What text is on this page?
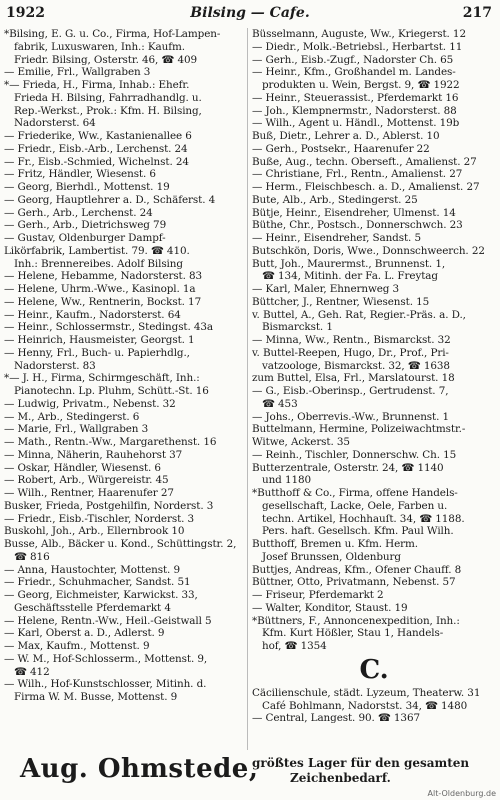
1922	Bilsing — Cafe.	217
*Bilsing, E. G. u. Co., Firma, Hof-Lampen-
fabrik, Luxuswaren, Inh.: Kaufm.
Friedr. Bilsing, Osterstr. 46, ☎ 409
— Emilie, Frl., Wallgraben 3
*— Frieda, H., Firma, Inhab.: Ehefr.
Frieda H. Bilsing, Fahrradhandlg. u.
Rep.-Werkst., Prok.: Kfm. H. Bilsing,
Nadorsterst. 64
— Friederike, Ww., Kastanienallee 6
— Friedr., Eisb.-Arb., Lerchenst. 24
— Fr., Eisb.-Schmied, Wichelnst. 24
— Fritz, Händler, Wiesenst. 6
— Georg, Bierhdl., Mottenst. 19
— Georg, Hauptlehrer a. D., Schäferst. 4
— Gerh., Arb., Lerchenst. 24
— Gerh., Arb., Dietrichsweg 79
— Gustav, Oldenburger Dampf-
Likörfabrik, Lambertist. 79. ☎ 410.
Inh.: Brennereibes. Adolf Bilsing
— Helene, Hebamme, Nadorsterst. 83
— Helene, Uhrm.-Wwe., Kasinopl. 1a
— Helene, Ww., Rentnerin, Bockst. 17
— Heinr., Kaufm., Nadorsterst. 64
— Heinr., Schlossermstr., Stedingst. 43a
— Heinrich, Hausmeister, Georgst. 1
— Henny, Frl., Buch- u. Papierhdlg.,
Nadorsterst. 83
*— J. H., Firma, Schirmgeschäft, Inh.:
Pianotechn. Lp. Pluhm, Schütt.-St. 16
— Ludwig, Privatm., Nebenst. 32
— M., Arb., Stedingerst. 6
— Marie, Frl., Wallgraben 3
— Math., Rentn.-Ww., Margarethenst. 16
— Minna, Näherin, Rauhehorst 37
— Oskar, Händler, Wiesenst. 6
— Robert, Arb., Würgereistr. 45
— Wilh., Rentner, Haarenufer 27
Busker, Frieda, Postgehilfin, Norderst. 3
— Friedr., Eisb.-Tischler, Norderst. 3
Buskohl, Joh., Arb., Ellernbrook 10
Busse, Alb., Bäcker u. Kond., Schüttingstr. 2,
☎ 816
— Anna, Haustochter, Mottenst. 9
— Friedr., Schuhmacher, Sandst. 51
— Georg, Eichmeister, Karwickst. 33,
Geschäftsstelle Pferdemarkt 4
— Helene, Rentn.-Ww., Heil.-Geistwall 5
— Karl, Oberst a. D., Adlerst. 9
— Max, Kaufm., Mottenst. 9
— W. M., Hof-Schlosserm., Mottenst. 9,
☎ 412
— Wilh., Hof-Kunstschlosser, Mitinh. d.
Firma W. M. Busse, Mottenst. 9
Büsselmann, Auguste, Ww., Kriegerst. 12
— Diedr., Molk.-Betriebsl., Herbartst. 11
— Gerh., Eisb.-Zugf., Nadorster Ch. 65
— Heinr., Kfm., Großhandel m. Landes-
produkten u. Wein, Bergst. 9, ☎ 1922
— Heinr., Steuerassist., Pferdemarkt 16
— Joh., Klempnermstr., Nadorsterst. 88
— Wilh., Agent u. Händl., Mottenst. 19b
Buß, Dietr., Lehrer a. D., Ablerst. 10
— Gerh., Postsekr., Haarenufer 22
Buße, Aug., techn. Oberseft., Amalienst. 27
— Christiane, Frl., Rentn., Amalienst. 27
— Herm., Fleischbesch. a. D., Amalienst. 27
Bute, Alb., Arb., Stedingerst. 25
Bütje, Heinr., Eisendreher, Ulmenst. 14
Büthe, Chr., Postsch., Donnerschwch. 23
— Heinr., Eisendreher, Sandst. 5
Butschkön, Doris, Wwe., Donnschweerch. 22
Butt, Joh., Maurermst., Brunnenst. 1,
☎ 134, Mitinh. der Fa. L. Freytag
— Karl, Maler, Ehnernweg 3
Büttcher, J., Rentner, Wiesenst. 15
v. Buttel, A., Geh. Rat, Regier.-Präs. a. D.,
Bismarckst. 1
— Minna, Ww., Rentn., Bismarckst. 32
v. Buttel-Reepen, Hugo, Dr., Prof., Pri-
vatzoologe, Bismarckst. 32, ☎ 1638
zum Buttel, Elsa, Frl., Marslatourst. 18
— G., Eisb.-Oberinsp., Gertrudenst. 7,
☎ 453
— Johs., Oberrevis.-Ww., Brunnenst. 1
Buttelmann, Hermine, Polizeiwachtmstr.-
Witwe, Ackerst. 35
— Reinh., Tischler, Donnerschw. Ch. 15
Butterzentrale, Osterstr. 24, ☎ 1140
und 1180
*Butthoff & Co., Firma, offene Handels-
gesellschaft, Lacke, Oele, Farben u.
techn. Artikel, Hochhauſt. 34, ☎ 1188.
Pers. haft. Gesellsch. Kfm. Paul Wilh.
Butthoff, Bremen u. Kfm. Herm.
Josef Brunssen, Oldenburg
Buttjes, Andreas, Kfm., Ofener Chauff. 8
Büttner, Otto, Privatmann, Nebenst. 57
— Friseur, Pferdemarkt 2
— Walter, Konditor, Staust. 19
*Büttners, F., Annoncenexpedition, Inh.:
Kfm. Kurt Hößler, Stau 1, Handels-
hof, ☎ 1354
C.
Cäcilienschule, städt. Lyzeum, Theaterw. 31
Café Bohlmann, Nadorstst. 34, ☎ 1480
— Central, Langest. 90. ☎ 1367
Aug. Ohmstede,
größtes Lager für den gesamten
Zeichenbedarf.
Alt-Oldenburg.de
